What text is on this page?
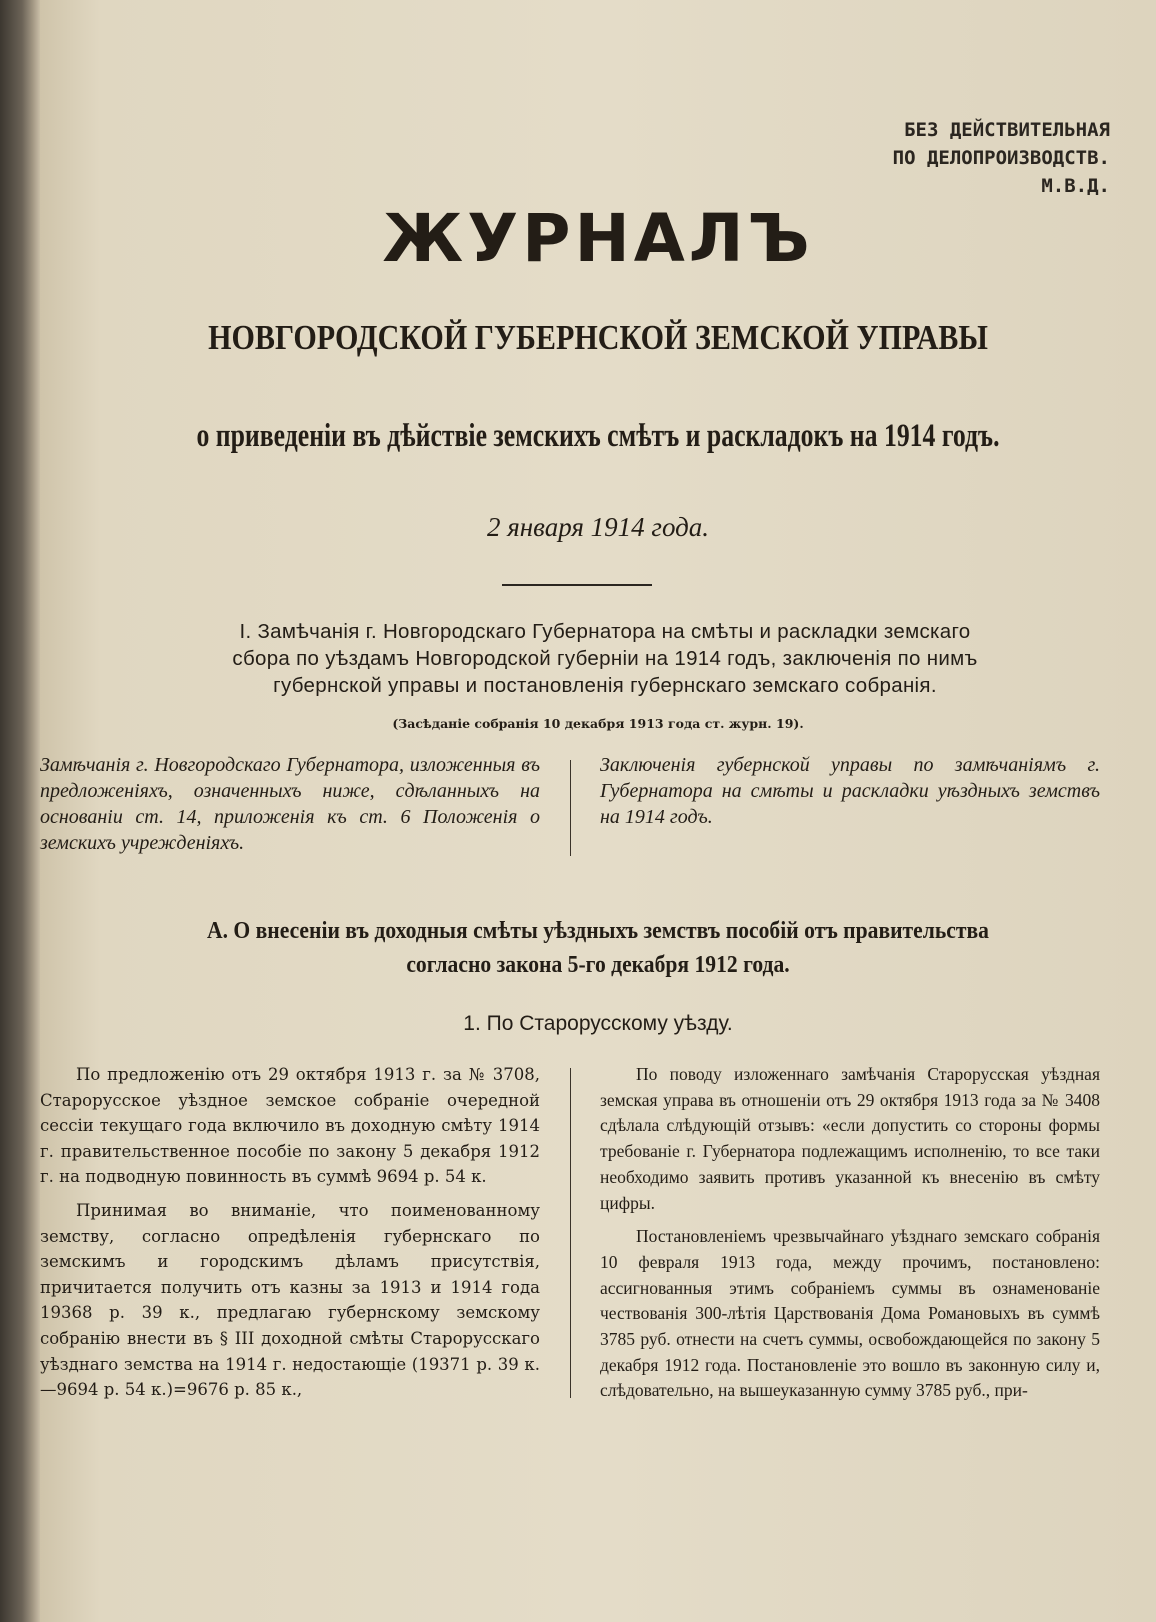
БЕЗ ДЕЙСТВИТЕЛЬНАЯ
ПО ДЕЛОПРОИЗВОДСТВ.
М.В.Д.
ЖУРНАЛЪ
НОВГОРОДСКОЙ ГУБЕРНСКОЙ ЗЕМСКОЙ УПРАВЫ
о приведенiи въ дѣйствiе земскихъ смѣтъ и раскладокъ на 1914 годъ.
2 января 1914 года.
I. Замѣчанiя г. Новгородскаго Губернатора на смѣты и раскладки земскаго
сбора по уѣздамъ Новгородской губернiи на 1914 годъ, заключенiя по нимъ
губернской управы и постановленiя губернскаго земскаго собранiя.
(Засѣданiе собранiя 10 декабря 1913 года ст. журн. 19).
Замѣчанiя г. Новгородскаго Губернатора, изложенныя въ предложенiяхъ, означенныхъ ниже, сдѣланныхъ на основанiи ст. 14, приложенiя къ ст. 6 Положенiя о земскихъ учрежденiяхъ.
Заключенiя губернской управы по замѣчанiямъ г. Губернатора на смѣты и раскладки уѣздныхъ земствъ на 1914 годъ.
А. О внесенiи въ доходныя смѣты уѣздныхъ земствъ пособiй отъ правительства
согласно закона 5-го декабря 1912 года.
1. По Старорусскому уѣзду.

По предложенiю отъ 29 октября 1913 г. за № 3708, Старорусское уѣздное земское собранiе очередной сессiи текущаго года включило въ доходную смѣту 1914 г. правительственное пособiе по закону 5 декабря 1912 г. на подводную повинность въ суммѣ 9694 р. 54 к.

Принимая во вниманiе, что поименованному земству, согласно опредѣленiя губернскаго по земскимъ и городскимъ дѣламъ присутствiя, причитается получить отъ казны за 1913 и 1914 года 19368 р. 39 к., предлагаю губернскому земскому собранiю внести въ § III доходной смѣты Старорусскаго уѣзднаго земства на 1914 г. недостающiе (19371 р. 39 к.—9694 р. 54 к.)=9676 р. 85 к.,

По поводу изложеннаго замѣчанiя Старорусская уѣздная земская управа въ отношенiи отъ 29 октября 1913 года за № 3408 сдѣлала слѣдующiй отзывъ: «если допустить со стороны формы требованiе г. Губернатора подлежащимъ исполненiю, то все таки необходимо заявить противъ указанной къ внесенiю въ смѣту цифры.

Постановленiемъ чрезвычайнаго уѣзднаго земскаго собранiя 10 февраля 1913 года, между прочимъ, постановлено: ассигнованныя этимъ собранiемъ суммы въ ознаменованiе чествованiя 300-лѣтiя Царствованiя Дома Романовыхъ въ суммѣ 3785 руб. отнести на счетъ суммы, освобождающейся по закону 5 декабря 1912 года. Постановленiе это вошло въ законную силу и, слѣдовательно, на вышеуказанную сумму 3785 руб., при-
